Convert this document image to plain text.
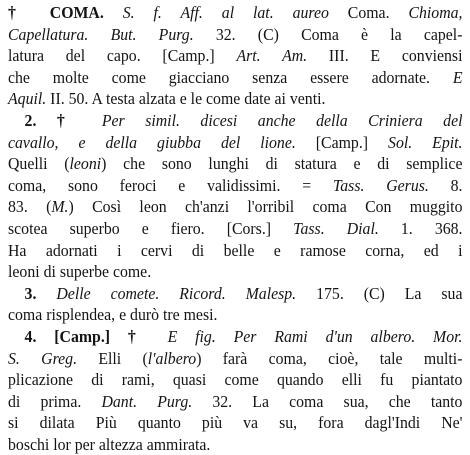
† COMA. S. f. Aff. al lat. aureo Coma. Chioma,
Capellatura. But. Purg. 32. (C) Coma è la capel-
latura del capo. [Camp.] Art. Am. III. E conviensi
che molte come giacciano senza essere adornate. E
Aquil. II. 50. A testa alzata e le come date ai venti.
2. † Per simil. dicesi anche della Criniera del
cavallo, e della giubba del lione. [Camp.] Sol. Epit.
Quelli (leoni) che sono lunghi di statura e di semplice
coma, sono feroci e validissimi. = Tass. Gerus. 8.
83. (M.) Così leon ch'anzi l'orribil coma Con muggito
scotea superbo e fiero. [Cors.] Tass. Dial. 1. 368.
Ha adornati i cervi di belle e ramose corna, ed i
leoni di superbe come.
3. Delle comete. Ricord. Malesp. 175. (C) La sua
coma risplendea, e durò tre mesi.
4. [Camp.] † E fig. Per Rami d'un albero. Mor.
S. Greg. Elli (l'albero) farà coma, cioè, tale multi-
plicazione di rami, quasi come quando elli fu piantato
di prima. Dant. Purg. 32. La coma sua, che tanto
si dilata Più quanto più va su, fora dagl'Indi Ne'
boschi lor per altezza ammirata.
